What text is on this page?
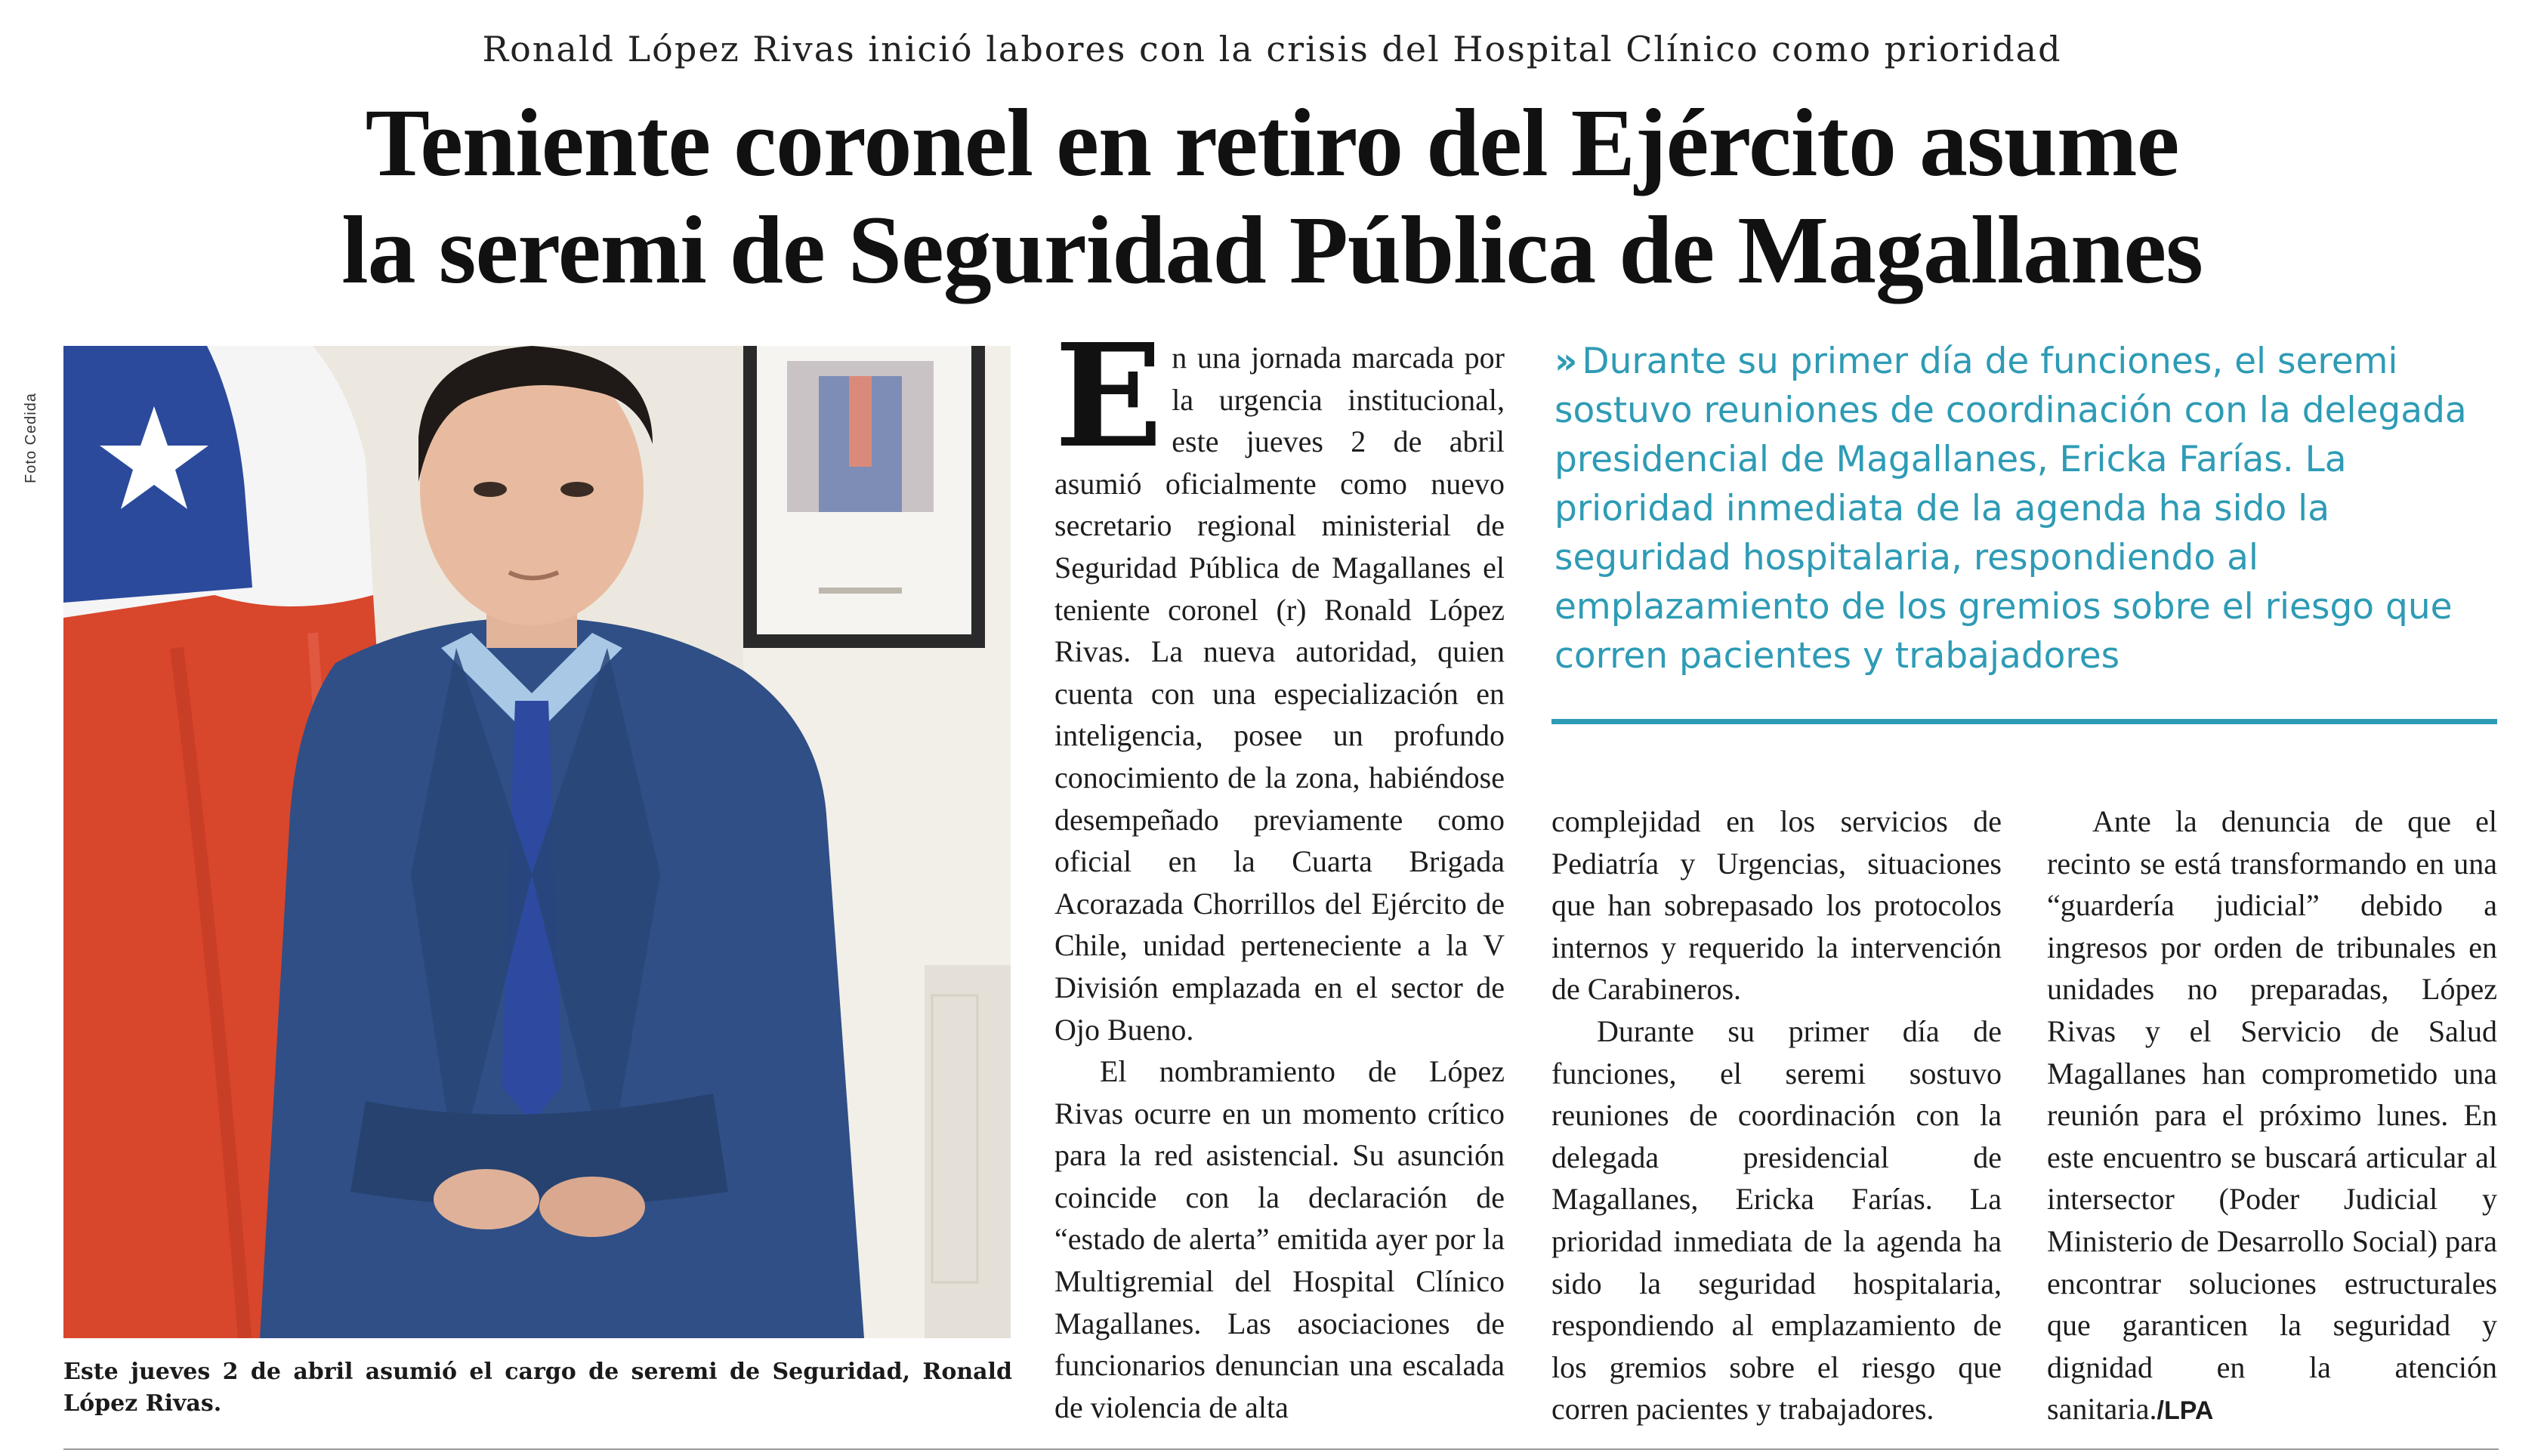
Ronald López Rivas inició labores con la crisis del Hospital Clínico como prioridad
Teniente coronel en retiro del Ejército asume
la seremi de Seguridad Pública de Magallanes
Foto Cedida
Este jueves 2 de abril asumió el cargo de seremi de Seguridad, Ronald López Rivas.

En una jornada marcada por la urgencia institucional, este jueves 2 de abril asumió oficialmente como nuevo secretario regional ministerial de Seguridad Pública de Magallanes el teniente coronel (r) Ronald López Rivas. La nueva autoridad, quien cuenta con una especialización en inteligencia, posee un profundo conocimiento de la zona, habiéndose desempeñado previamente como oficial en la Cuarta Brigada Acorazada Chorrillos del Ejército de Chile, unidad perteneciente a la V División emplazada en el sector de Ojo Bueno.

El nombramiento de López Rivas ocurre en un momento crítico para la red asistencial. Su asunción coincide con la declaración de “estado de alerta” emitida ayer por la Multigremial del Hospital Clínico Magallanes. Las asociaciones de funcionarios denuncian una escalada de violencia de alta

» Durante su primer día de funciones, el seremi sostuvo reuniones de coordinación con la delegada presidencial de Magallanes, Ericka Farías. La prioridad inmediata de la agenda ha sido la seguridad hospitalaria, respondiendo al emplazamiento de los gremios sobre el riesgo que corren pacientes y trabajadores

complejidad en los servicios de Pediatría y Urgencias, situaciones que han sobrepasado los protocolos internos y requerido la intervención de Carabineros.

Durante su primer día de funciones, el seremi sostuvo reuniones de coordinación con la delegada presidencial de Magallanes, Ericka Farías. La prioridad inmediata de la agenda ha sido la seguridad hospitalaria, respondiendo al emplazamiento de los gremios sobre el riesgo que corren pacientes y trabajadores.

Ante la denuncia de que el recinto se está transformando en una “guardería judicial” debido a ingresos por orden de tribunales en unidades no preparadas, López Rivas y el Servicio de Salud Magallanes han comprometido una reunión para el próximo lunes. En este encuentro se buscará articular al intersector (Poder Judicial y Ministerio de Desarrollo Social) para encontrar soluciones estructurales que garanticen la seguridad y dignidad en la atención sanitaria./LPA
